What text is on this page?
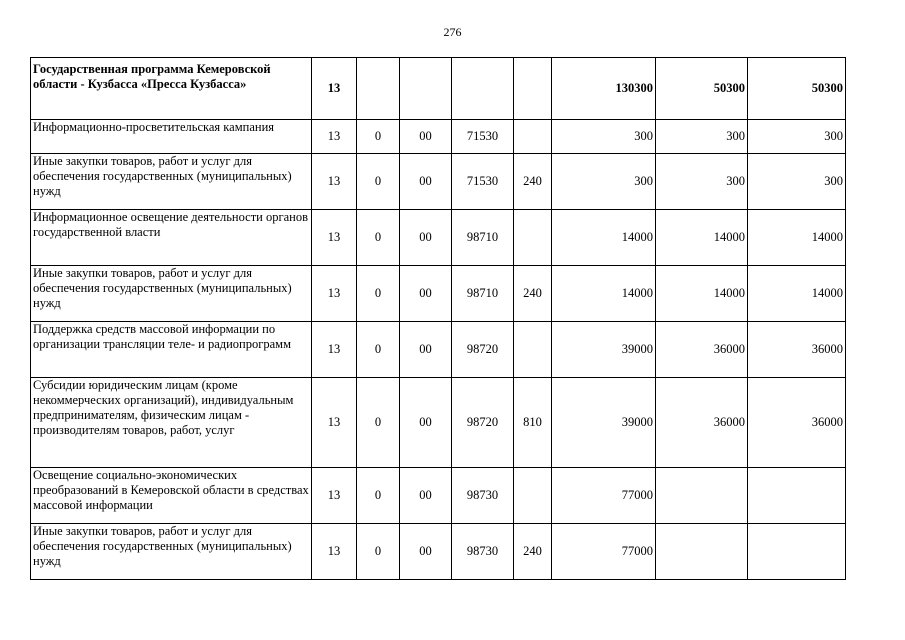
276
Государственная программа Кемеровской области - Кузбасса «Пресса Кузбасса»	13					130300	50300	50300
Информационно-просветительская кампания	13	0	00	71530		300	300	300
Иные закупки товаров, работ и услуг для обеспечения государственных (муниципальных) нужд	13	0	00	71530	240	300	300	300
Информационное освещение деятельности органов государственной власти	13	0	00	98710		14000	14000	14000
Иные закупки товаров, работ и услуг для обеспечения государственных (муниципальных) нужд	13	0	00	98710	240	14000	14000	14000
Поддержка средств массовой информации по организации трансляции теле- и радиопрограмм	13	0	00	98720		39000	36000	36000
Субсидии юридическим лицам (кроме некоммерческих организаций), индивидуальным предпринимателям, физическим лицам - производителям товаров, работ, услуг	13	0	00	98720	810	39000	36000	36000
Освещение социально-экономических преобразований в Кемеровской области в средствах массовой информации	13	0	00	98730		77000		
Иные закупки товаров, работ и услуг для обеспечения государственных (муниципальных) нужд	13	0	00	98730	240	77000		
